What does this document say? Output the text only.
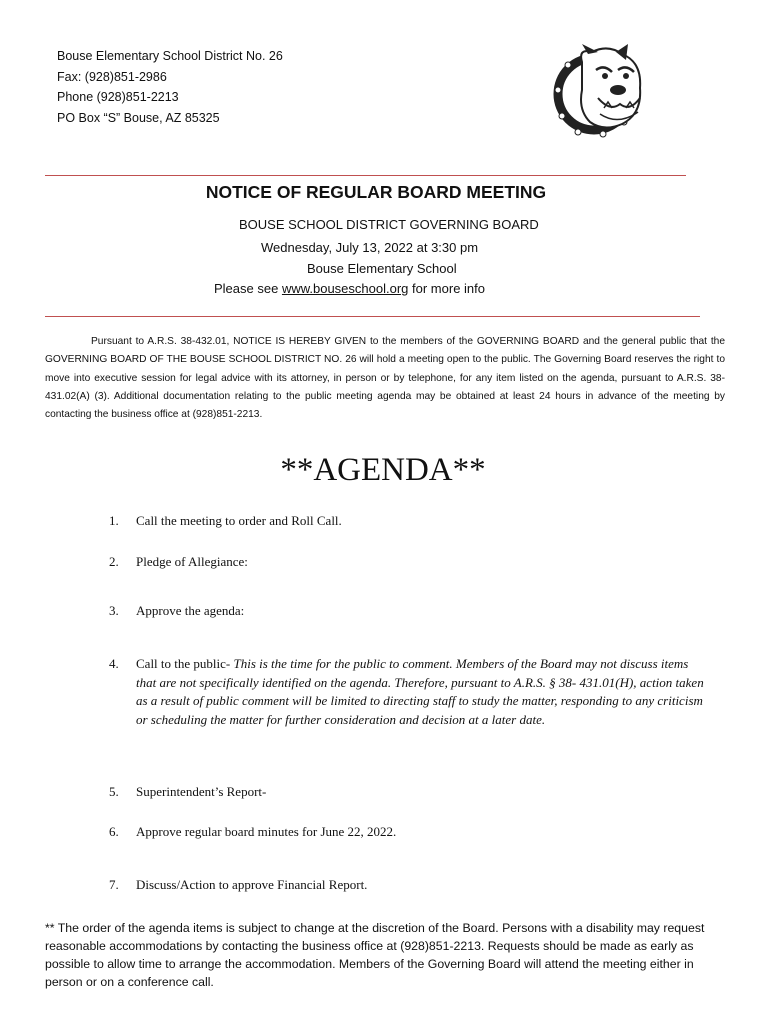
Bouse Elementary School District No. 26
Fax: (928)851-2986
Phone (928)851-2213
PO Box “S” Bouse, AZ 85325
NOTICE OF REGULAR BOARD MEETING
BOUSE SCHOOL DISTRICT GOVERNING BOARD
Wednesday, July 13, 2022 at 3:30 pm
Bouse Elementary School
Please see www.bouseschool.org for more info
Pursuant to A.R.S. 38-432.01, NOTICE IS HEREBY GIVEN to the members of the GOVERNING BOARD and the general public that the GOVERNING BOARD OF THE BOUSE SCHOOL DISTRICT NO. 26 will hold a meeting open to the public. The Governing Board reserves the right to move into executive session for legal advice with its attorney, in person or by telephone, for any item listed on the agenda, pursuant to A.R.S. 38-431.02(A) (3). Additional documentation relating to the public meeting agenda may be obtained at least 24 hours in advance of the meeting by contacting the business office at (928)851-2213.
**AGENDA**
1.	Call the meeting to order and Roll Call.
2.	Pledge of Allegiance:
3.	Approve the agenda:
4.	Call to the public- This is the time for the public to comment. Members of the Board may not discuss items that are not specifically identified on the agenda. Therefore, pursuant to A.R.S. § 38- 431.01(H), action taken as a result of public comment will be limited to directing staff to study the matter, responding to any criticism or scheduling the matter for further consideration and decision at a later date.
5.	Superintendent’s Report-
6.	Approve regular board minutes for June 22, 2022.
7.	Discuss/Action to approve Financial Report.
** The order of the agenda items is subject to change at the discretion of the Board. Persons with a disability may request reasonable accommodations by contacting the business office at (928)851-2213. Requests should be made as early as possible to allow time to arrange the accommodation. Members of the Governing Board will attend the meeting either in person or on a conference call.
